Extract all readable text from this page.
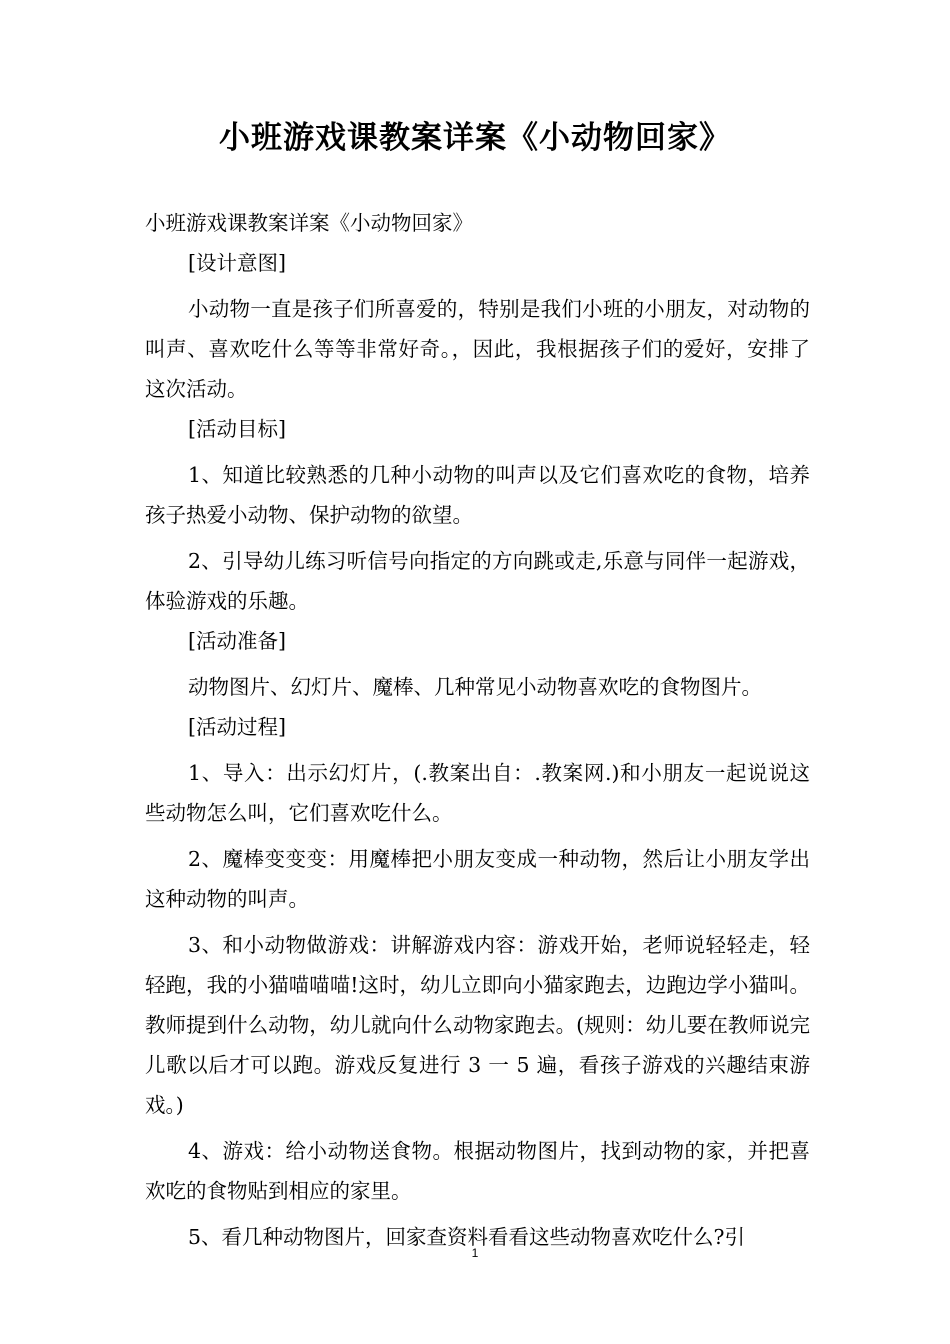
小班游戏课教案详案《小动物回家》

小班游戏课教案详案《小动物回家》

[设计意图]

小动物一直是孩子们所喜爱的，特别是我们小班的小朋友，对动物的叫声、喜欢吃什么等等非常好奇。，因此，我根据孩子们的爱好，安排了这次活动。

[活动目标]

1、知道比较熟悉的几种小动物的叫声以及它们喜欢吃的食物，培养孩子热爱小动物、保护动物的欲望。

2、引导幼儿练习听信号向指定的方向跳或走,乐意与同伴一起游戏，体验游戏的乐趣。

[活动准备]

动物图片、幻灯片、魔棒、几种常见小动物喜欢吃的食物图片。

[活动过程]

1、导入：出示幻灯片，(.教案出自：.教案网.)和小朋友一起说说这些动物怎么叫，它们喜欢吃什么。

2、魔棒变变变：用魔棒把小朋友变成一种动物，然后让小朋友学出这种动物的叫声。

3、和小动物做游戏：讲解游戏内容：游戏开始，老师说轻轻走，轻轻跑，我的小猫喵喵喵!这时，幼儿立即向小猫家跑去，边跑边学小猫叫。教师提到什么动物，幼儿就向什么动物家跑去。(规则：幼儿要在教师说完儿歌以后才可以跑。游戏反复进行 3 一 5 遍，看孩子游戏的兴趣结束游戏。)

4、游戏：给小动物送食物。根据动物图片，找到动物的家，并把喜欢吃的食物贴到相应的家里。

5、看几种动物图片，回家查资料看看这些动物喜欢吃什么?引

1
